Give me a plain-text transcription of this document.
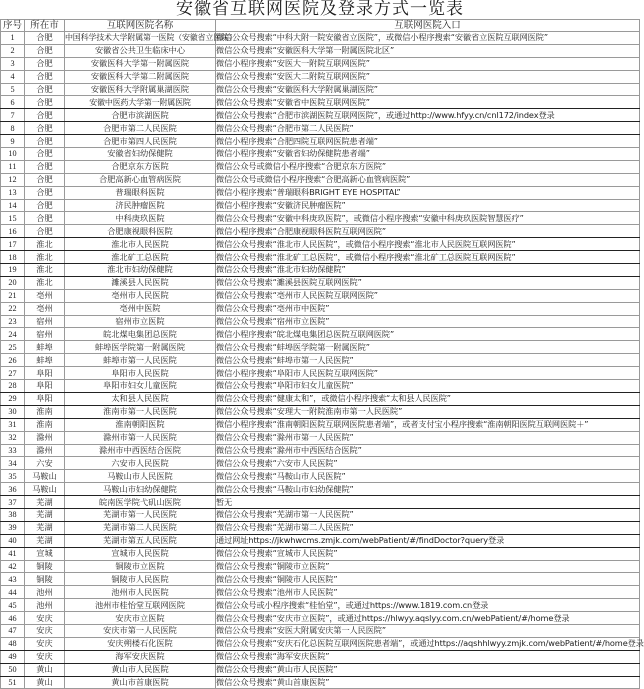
安徽省互联网医院及登录方式一览表
序号	所在市	互联网医院名称	互联网医院入口
1	合肥	中国科学技术大学附属第一医院（安徽省立医院）	微信公众号搜索“中科大附一院安徽省立医院”，或微信小程序搜索“安徽省立医院互联网医院”
2	合肥	安徽省公共卫生临床中心	微信公众号搜索“安徽医科大学第一附属医院北区”
3	合肥	安徽医科大学第一附属医院	微信小程序搜索“安医大一附院互联网医院”
4	合肥	安徽医科大学第二附属医院	微信公众号搜索“安医大二附院互联网医院”
5	合肥	安徽医科大学附属巢湖医院	微信公众号搜索“安徽医科大学附属巢湖医院”
6	合肥	安徽中医药大学第一附属医院	微信公众号搜索“安徽省中医院互联网医院”
7	合肥	合肥市滨湖医院	微信公众号搜索“合肥市滨湖医院互联网医院”，或通过http://www.hfyy.cn/cnl172/index登录
8	合肥	合肥市第二人民医院	微信公众号搜索“合肥市第二人民医院”
9	合肥	合肥市第四人民医院	微信小程序搜索“合肥四院互联网医院患者端”
10	合肥	安徽省妇幼保健院	微信小程序搜索“安徽省妇幼保健院患者端”
11	合肥	合肥京东方医院	微信公众号或微信小程序搜索“合肥京东方医院”
12	合肥	合肥高新心血管病医院	微信公众号或微信小程序搜索“合肥高新心血管病医院”
13	合肥	普瑞眼科医院	微信小程序搜索“普瑞眼科BRIGHT EYE HOSPITAL”
14	合肥	济民肿瘤医院	微信小程序搜索“安徽济民肿瘤医院”
15	合肥	中科庚玖医院	微信公众号搜索“安徽中科庚玖医院”，或微信小程序搜索“安徽中科庚玖医院智慧医疗”
16	合肥	合肥康视眼科医院	微信小程序搜索“合肥康视眼科医院互联网医院”
17	淮北	淮北市人民医院	微信公众号搜索“淮北市人民医院”，或微信小程序搜索“淮北市人民医院互联网医院”
18	淮北	淮北矿工总医院	微信公众号搜索“淮北矿工总医院”，或微信小程序搜索“淮北矿工总医院互联网医院”
19	淮北	淮北市妇幼保健院	微信公众号搜索“淮北市妇幼保健院”
20	淮北	濉溪县人民医院	微信公众号搜索“濉溪县医院互联网医院”
21	亳州	亳州市人民医院	微信公众号搜索“亳州市人民医院互联网医院”
22	亳州	亳州中医院	微信公众号搜索“亳州市中医院”
23	宿州	宿州市立医院	微信公众号搜索“宿州市立医院”
24	宿州	皖北煤电集团总医院	微信小程序搜索“皖北煤电集团总医院互联网医院”
25	蚌埠	蚌埠医学院第一附属医院	微信公众号搜索“蚌埠医学院第一附属医院”
26	蚌埠	蚌埠市第一人民医院	微信公众号搜索“蚌埠市第一人民医院”
27	阜阳	阜阳市人民医院	微信小程序搜索“阜阳市人民医院互联网医院”
28	阜阳	阜阳市妇女儿童医院	微信公众号搜索“阜阳市妇女儿童医院”
29	阜阳	太和县人民医院	微信公众号搜索“健康太和”，或微信小程序搜索“太和县人民医院”
30	淮南	淮南市第一人民医院	微信公众号搜索“安理大一附院淮南市第一人民医院”
31	淮南	淮南朝阳医院	微信小程序搜索“淮南朝阳医院互联网医院患者端”，或者支付宝小程序搜索“淮南朝阳医院互联网医院＋”
32	滁州	滁州市第一人民医院	微信公众号搜索“滁州市第一人民医院”
33	滁州	滁州市中西医结合医院	微信公众号搜索“滁州市中西医结合医院”
34	六安	六安市人民医院	微信公众号搜索“六安市人民医院”
35	马鞍山	马鞍山市人民医院	微信公众号搜索“马鞍山市人民医院”
36	马鞍山	马鞍山市妇幼保健院	微信公众号搜索“马鞍山市妇幼保健院”
37	芜湖	皖南医学院弋矶山医院	暂无
38	芜湖	芜湖市第一人民医院	微信公众号搜索“芜湖市第一人民医院”
39	芜湖	芜湖市第二人民医院	微信公众号搜索“芜湖市第二人民医院”
40	芜湖	芜湖市第五人民医院	通过网址https://jkwhwcms.zmjk.com/webPatient/#/findDoctor?query登录
41	宣城	宣城市人民医院	微信公众号搜索“宣城市人民医院”
42	铜陵	铜陵市立医院	微信公众号搜索“铜陵市立医院”
43	铜陵	铜陵市人民医院	微信公众号搜索“铜陵市人民医院”
44	池州	池州市人民医院	微信公众号搜索“池州市人民医院”
45	池州	池州市桂怡堂互联网医院	微信公众号或小程序搜索“桂怡堂”，或通过https://www.1819.com.cn登录
46	安庆	安庆市立医院	微信公众号搜索“安庆市立医院”，或通过https://hlwyy.aqslyy.com.cn/webPatient/#/home登录
47	安庆	安庆市第一人民医院	微信公众号搜索“安医大附属安庆第一人民医院”
48	安庆	安庆朔楼石化医院	微信公众号搜索“安庆石化总医院互联网医院患者端”，或通过https://aqshhlwyy.zmjk.com/webPatient/#/home登录
49	安庆	海军安庆医院	微信公众号搜索“海军安庆医院”
50	黄山	黄山市人民医院	微信公众号搜索“黄山市人民医院”
51	黄山	黄山市首康医院	微信公众号搜索“黄山首康医院”
